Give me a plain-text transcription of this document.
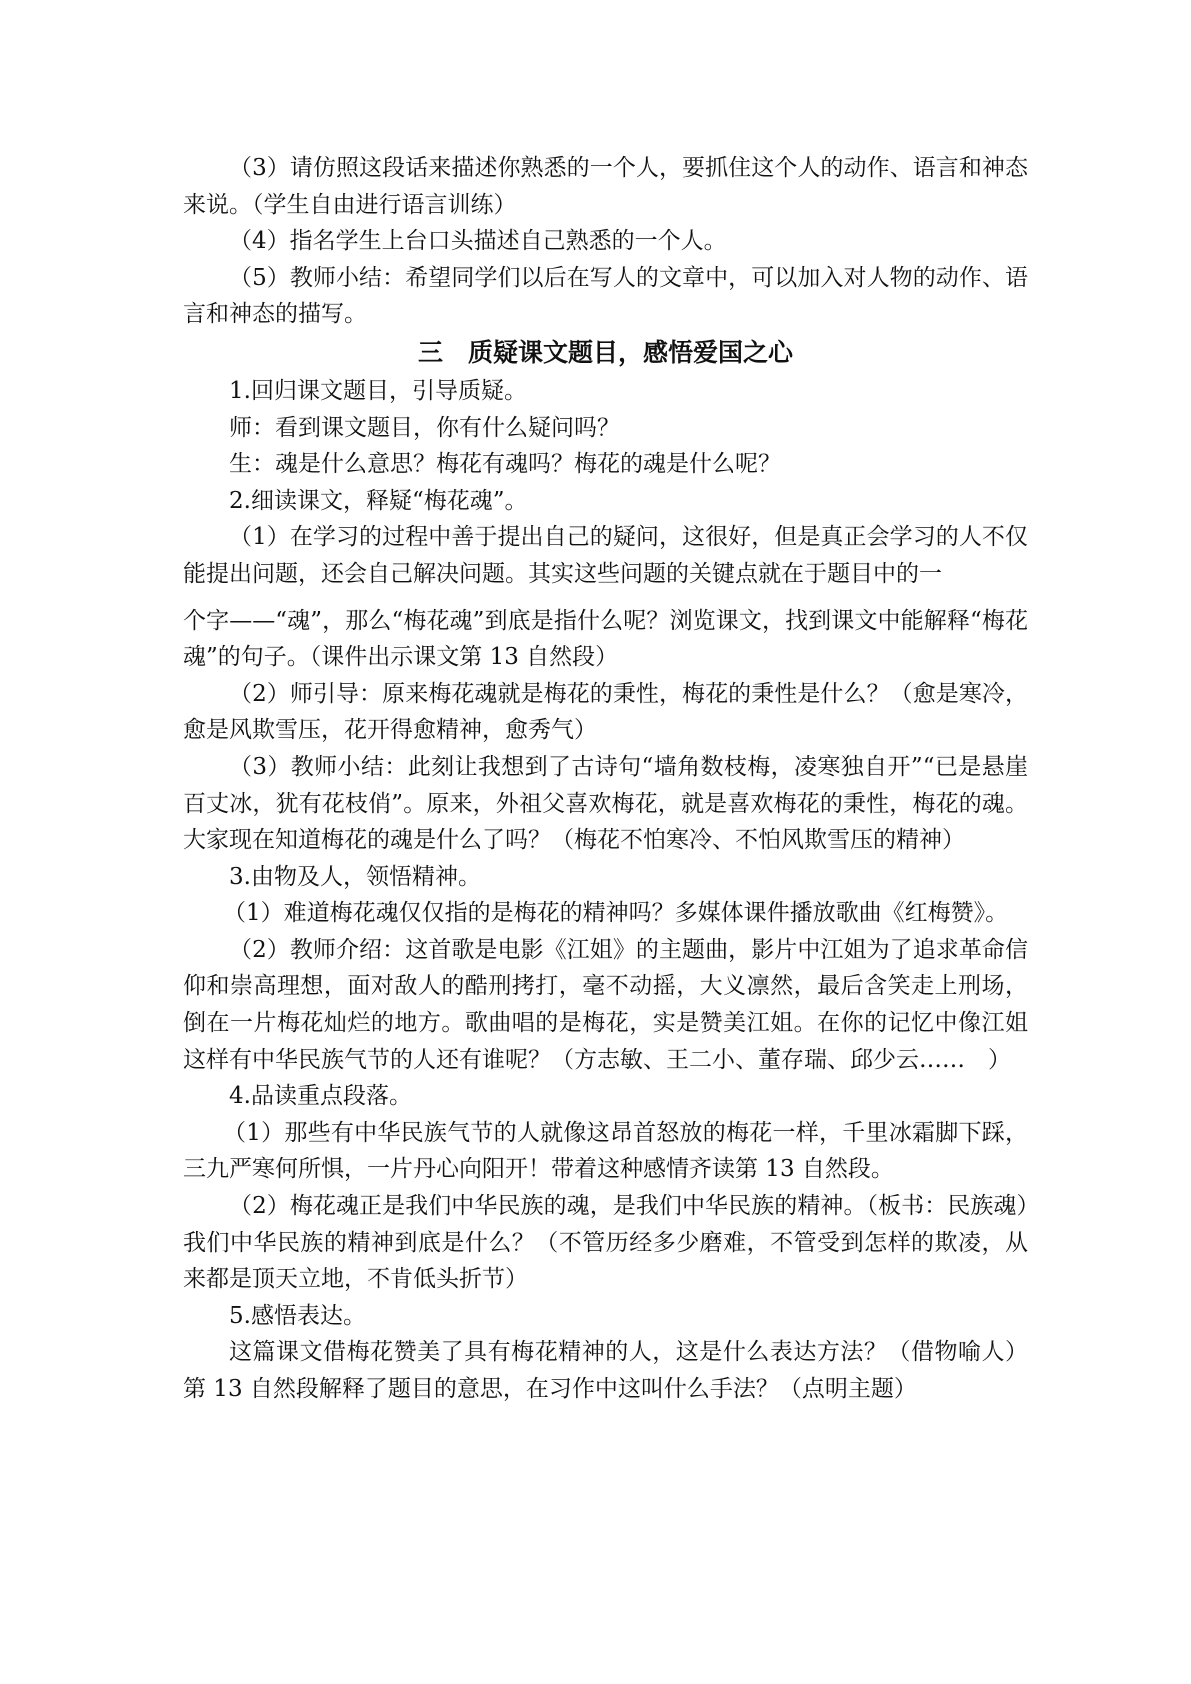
（3）请仿照这段话来描述你熟悉的一个人，要抓住这个人的动作、语言和神态来说。（学生自由进行语言训练）

（4）指名学生上台口头描述自己熟悉的一个人。

（5）教师小结：希望同学们以后在写人的文章中，可以加入对人物的动作、语言和神态的描写。

三　质疑课文题目，感悟爱国之心

1.回归课文题目，引导质疑。

师：看到课文题目，你有什么疑问吗？

生：魂是什么意思？梅花有魂吗？梅花的魂是什么呢？

2.细读课文，释疑“梅花魂”。

（1）在学习的过程中善于提出自己的疑问，这很好，但是真正会学习的人不仅能提出问题，还会自己解决问题。其实这些问题的关键点就在于题目中的一

个字——“魂”，那么“梅花魂”到底是指什么呢？浏览课文，找到课文中能解释“梅花魂”的句子。（课件出示课文第 13 自然段）

（2）师引导：原来梅花魂就是梅花的秉性，梅花的秉性是什么？（愈是寒冷，愈是风欺雪压，花开得愈精神，愈秀气）

（3）教师小结：此刻让我想到了古诗句“墙角数枝梅，凌寒独自开”“已是悬崖百丈冰，犹有花枝俏”。原来，外祖父喜欢梅花，就是喜欢梅花的秉性，梅花的魂。大家现在知道梅花的魂是什么了吗？（梅花不怕寒冷、不怕风欺雪压的精神）

3.由物及人，领悟精神。

（1）难道梅花魂仅仅指的是梅花的精神吗？多媒体课件播放歌曲《红梅赞》。

（2）教师介绍：这首歌是电影《江姐》的主题曲，影片中江姐为了追求革命信仰和崇高理想，面对敌人的酷刑拷打，毫不动摇，大义凛然，最后含笑走上刑场，倒在一片梅花灿烂的地方。歌曲唱的是梅花，实是赞美江姐。在你的记忆中像江姐这样有中华民族气节的人还有谁呢？（方志敏、王二小、董存瑞、邱少云……　）

4.品读重点段落。

（1）那些有中华民族气节的人就像这昂首怒放的梅花一样，千里冰霜脚下踩，三九严寒何所惧，一片丹心向阳开！带着这种感情齐读第 13 自然段。

（2）梅花魂正是我们中华民族的魂，是我们中华民族的精神。（板书：民族魂）我们中华民族的精神到底是什么？（不管历经多少磨难，不管受到怎样的欺凌，从来都是顶天立地，不肯低头折节）

5.感悟表达。

这篇课文借梅花赞美了具有梅花精神的人，这是什么表达方法？（借物喻人）第 13 自然段解释了题目的意思，在习作中这叫什么手法？（点明主题）
